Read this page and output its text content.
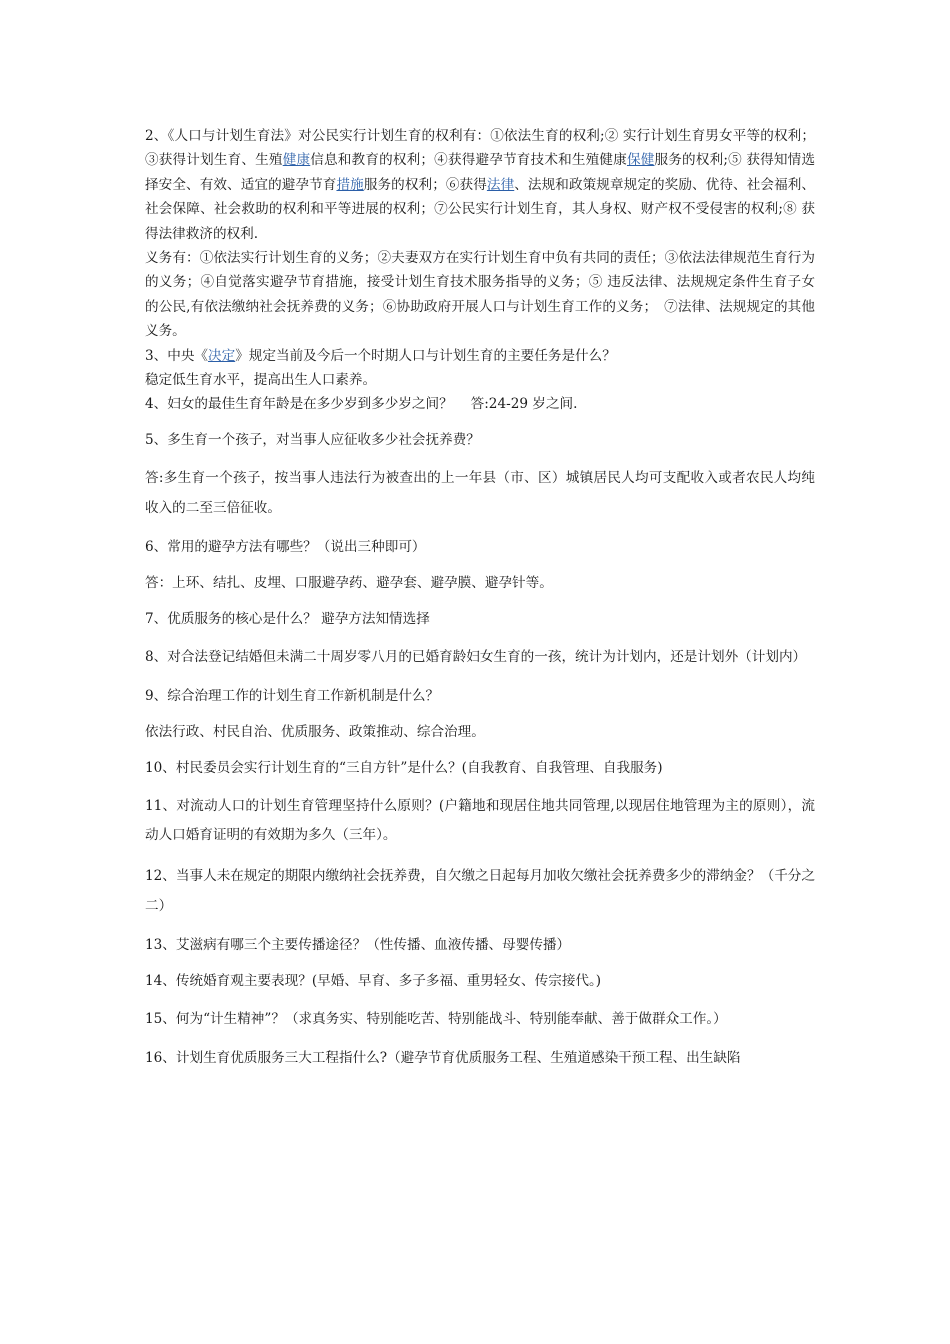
2、《人口与计划生育法》对公民实行计划生育的权利有：①依法生育的权利;② 实行计划生育男女平等的权利；③获得计划生育、生殖健康信息和教育的权利；④获得避孕节育技术和生殖健康保健服务的权利;⑤ 获得知情选择安全、有效、适宜的避孕节育措施服务的权利；⑥获得法律、法规和政策规章规定的奖励、优待、社会福利、社会保障、社会救助的权利和平等进展的权利；⑦公民实行计划生育，其人身权、财产权不受侵害的权利;⑧ 获得法律救济的权利.

义务有：①依法实行计划生育的义务；②夫妻双方在实行计划生育中负有共同的责任；③依法法律规范生育行为的义务；④自觉落实避孕节育措施，接受计划生育技术服务指导的义务；⑤ 违反法律、法规规定条件生育子女的公民,有依法缴纳社会抚养费的义务；⑥协助政府开展人口与计划生育工作的义务；　⑦法律、法规规定的其他义务。

3、中央《决定》规定当前及今后一个时期人口与计划生育的主要任务是什么？

稳定低生育水平，提高出生人口素养。

4、妇女的最佳生育年龄是在多少岁到多少岁之间？　 答:24-29 岁之间.

5、多生育一个孩子，对当事人应征收多少社会抚养费？

答:多生育一个孩子，按当事人违法行为被查出的上一年县（市、区）城镇居民人均可支配收入或者农民人均纯收入的二至三倍征收。

6、常用的避孕方法有哪些？（说出三种即可）

答：上环、结扎、皮埋、口服避孕药、避孕套、避孕膜、避孕针等。

7、优质服务的核心是什么？ 避孕方法知情选择

8、对合法登记结婚但未满二十周岁零八月的已婚育龄妇女生育的一孩，统计为计划内，还是计划外（计划内）

9、综合治理工作的计划生育工作新机制是什么？

依法行政、村民自治、优质服务、政策推动、综合治理。

10、村民委员会实行计划生育的“三自方针”是什么？(自我教育、自我管理、自我服务)

11、对流动人口的计划生育管理坚持什么原则？(户籍地和现居住地共同管理,以现居住地管理为主的原则），流动人口婚育证明的有效期为多久（三年）。

12、当事人未在规定的期限内缴纳社会抚养费，自欠缴之日起每月加收欠缴社会抚养费多少的滞纳金？（千分之二）

13、艾滋病有哪三个主要传播途径？（性传播、血液传播、母婴传播）

14、传统婚育观主要表现？(早婚、早育、多子多福、重男轻女、传宗接代。)

15、何为“计生精神”？（求真务实、特别能吃苦、特别能战斗、特别能奉献、善于做群众工作。）

16、计划生育优质服务三大工程指什么?（避孕节育优质服务工程、生殖道感染干预工程、出生缺陷
